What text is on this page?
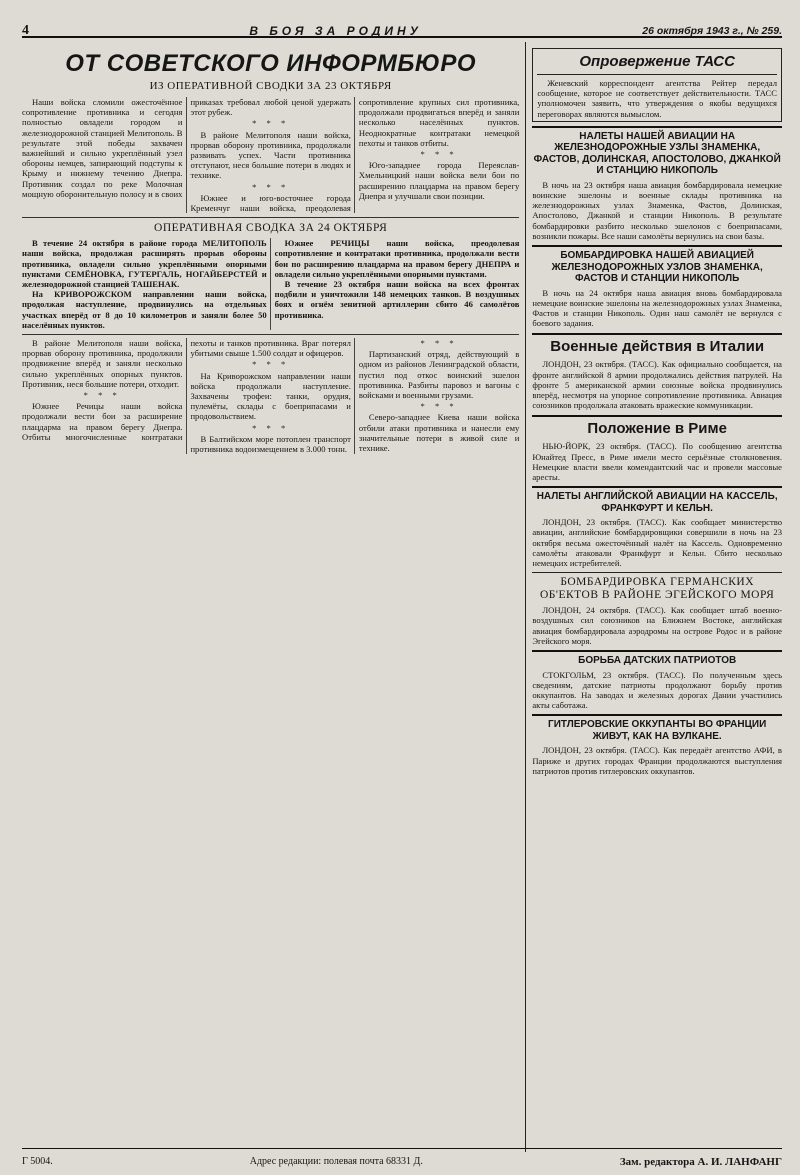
4	В БОЯ ЗА РОДИНУ	26 октября 1943 г., № 259.
ОТ СОВЕТСКОГО ИНФОРМБЮРО
ИЗ ОПЕРАТИВНОЙ СВОДКИ ЗА 23 ОКТЯБРЯ

Наши войска сломили ожесточённое сопротивление противника и сегодня полностью овладели городом и железнодорожной станцией Мелитополь. В результате этой победы захвачен важнейший и сильно укреплённый узел обороны немцев, запирающий подступы к Крыму и нижнему течению Днепра. Противник создал по реке Молочная мощную оборонительную полосу и в своих приказах требовал любой ценой удержать этот рубеж.

* * *

В районе Мелитополя наши войска, прорвав оборону противника, продолжали развивать успех. Части противника отступают, неся большие потери в людях и технике.

* * *

Южнее и юго-восточнее города Кременчуг наши войска, преодолевая сопротивление крупных сил противника, продолжали продвигаться вперёд и заняли несколько населённых пунктов. Неоднократные контратаки немецкой пехоты и танков отбиты.

* * *

Юго-западнее города Переяслав-Хмельницкий наши войска вели бои по расширению плацдарма на правом берегу Днепра и улучшали свои позиции.

ОПЕРАТИВНАЯ СВОДКА ЗА 24 ОКТЯБРЯ

В течение 24 октября в районе города МЕЛИТОПОЛЬ наши войска, продолжая расширять прорыв обороны противника, овладели сильно укреплёнными опорными пунктами СЕМЁНОВКА, ГУТЕРГАЛЬ, НОГАЙБЕРСТЕЙ и железнодорожной станцией ТАШЕНАК.

На КРИВОРОЖСКОМ направлении наши войска, продолжая наступление, продвинулись на отдельных участках вперёд от 8 до 10 километров и заняли более 50 населённых пунктов.

Южнее РЕЧИЦЫ наши войска, преодолевая сопротивление и контратаки противника, продолжали вести бои по расширению плацдарма на правом берегу ДНЕПРА и овладели сильно укреплёнными опорными пунктами.

В течение 23 октября наши войска на всех фронтах подбили и уничтожили 148 немецких танков. В воздушных боях и огнём зенитной артиллерии сбито 46 самолётов противника.

В районе Мелитополя наши войска, прорвав оборону противника, продолжили продвижение вперёд и заняли несколько сильно укреплённых опорных пунктов. Противник, неся большие потери, отходит.

* * *

Южнее Речицы наши войска продолжали вести бои за расширение плацдарма на правом берегу Днепра. Отбиты многочисленные контратаки пехоты и танков противника. Враг потерял убитыми свыше 1.500 солдат и офицеров.

* * *

На Криворожском направлении наши войска продолжали наступление. Захвачены трофеи: танки, орудия, пулемёты, склады с боеприпасами и продовольствием.

* * *

В Балтийском море потоплен транспорт противника водоизмещением в 3.000 тонн.

* * *

Партизанский отряд, действующий в одном из районов Ленинградской области, пустил под откос воинский эшелон противника. Разбиты паровоз и вагоны с войсками и военными грузами.

* * *

Северо-западнее Киева наши войска отбили атаки противника и нанесли ему значительные потери в живой силе и технике.

Опровержение ТАСС

Женевский корреспондент агентства Рейтер передал сообщение, которое не соответствует действительности. ТАСС уполномочен заявить, что утверждения о якобы ведущихся переговорах являются вымыслом.

НАЛЕТЫ НАШЕЙ АВИАЦИИ НА ЖЕЛЕЗНОДОРОЖНЫЕ УЗЛЫ ЗНАМЕНКА, ФАСТОВ, ДОЛИНСКАЯ, АПОСТОЛОВО, ДЖАНКОЙ И СТАНЦИЮ НИКОПОЛЬ

В ночь на 23 октября наша авиация бомбардировала немецкие воинские эшелоны и военные склады противника на железнодорожных узлах Знаменка, Фастов, Долинская, Апостолово, Джанкой и станции Никополь. В результате бомбардировки разбито несколько эшелонов с боеприпасами, возникли пожары. Все наши самолёты вернулись на свои базы.

БОМБАРДИРОВКА НАШЕЙ АВИАЦИЕЙ ЖЕЛЕЗНОДОРОЖНЫХ УЗЛОВ ЗНАМЕНКА, ФАСТОВ И СТАНЦИИ НИКОПОЛЬ

В ночь на 24 октября наша авиация вновь бомбардировала немецкие воинские эшелоны на железнодорожных узлах Знаменка, Фастов и станции Никополь. Один наш самолёт не вернулся с боевого задания.

Военные действия в Италии

ЛОНДОН, 23 октября. (ТАСС). Как официально сообщается, на фронте английской 8 армии продолжались действия патрулей. На фронте 5 американской армии союзные войска продвинулись вперёд, несмотря на упорное сопротивление противника. Авиация союзников продолжала атаковать вражеские коммуникации.

Положение в Риме

НЬЮ-ЙОРК, 23 октября. (ТАСС). По сообщению агентства Юнайтед Пресс, в Риме имели место серьёзные столкновения. Немецкие власти ввели комендантский час и провели массовые аресты.

НАЛЕТЫ АНГЛИЙСКОЙ АВИАЦИИ НА КАССЕЛЬ, ФРАНКФУРТ И КЕЛЬН.

ЛОНДОН, 23 октября. (ТАСС). Как сообщает министерство авиации, английские бомбардировщики совершили в ночь на 23 октября весьма ожесточённый налёт на Кассель. Одновременно самолёты атаковали Франкфурт и Кельн. Сбито несколько немецких истребителей.

БОМБАРДИРОВКА ГЕРМАНСКИХ ОБ'ЕКТОВ В РАЙОНЕ ЭГЕЙСКОГО МОРЯ

ЛОНДОН, 24 октября. (ТАСС). Как сообщает штаб военно-воздушных сил союзников на Ближнем Востоке, английская авиация бомбардировала аэродромы на острове Родос и в районе Эгейского моря.

БОРЬБА ДАТСКИХ ПАТРИОТОВ

СТОКГОЛЬМ, 23 октября. (ТАСС). По полученным здесь сведениям, датские патриоты продолжают борьбу против оккупантов. На заводах и железных дорогах Дании участились акты саботажа.

ГИТЛЕРОВСКИЕ ОККУПАНТЫ ВО ФРАНЦИИ ЖИВУТ, КАК НА ВУЛКАНЕ.

ЛОНДОН, 23 октября. (ТАСС). Как передаёт агентство АФИ, в Париже и других городах Франции продолжаются выступления патриотов против гитлеровских оккупантов.

Г 5004.	Адрес редакции: полевая почта 68331 Д.	Зам. редактора А. И. ЛАНФАНГ
